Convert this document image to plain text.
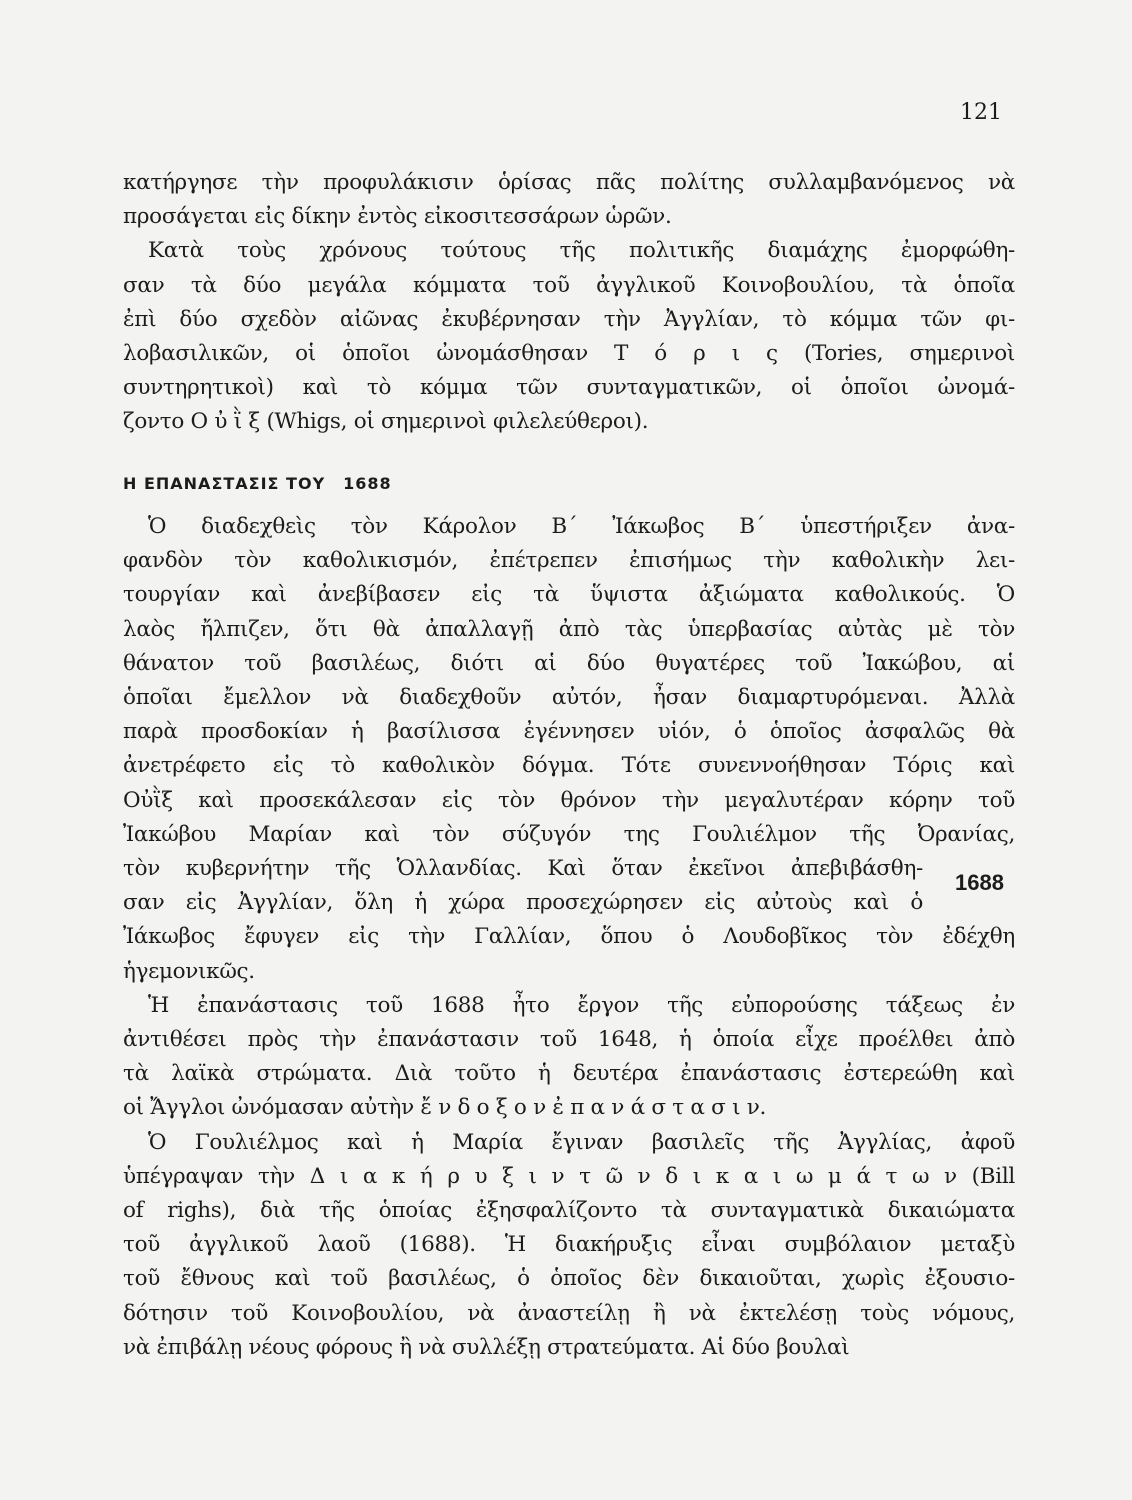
121
Η ΕΠΑΝΑΣΤΑΣΙΣ ΤΟΥ 1688
1688
κατήργησε τὴν προφυλάκισιν ὁρίσας πᾶς πολίτης συλλαμβανόμενος νὰ
προσάγεται εἰς δίκην ἐντὸς εἰκοσιτεσσάρων ὡρῶν.
Κατὰ τοὺς χρόνους τούτους τῆς πολιτικῆς διαμάχης ἐμορφώθη-
σαν τὰ δύο μεγάλα κόμματα τοῦ ἀγγλικοῦ Κοινοβουλίου, τὰ ὁποῖα
ἐπὶ δύο σχεδὸν αἰῶνας ἐκυβέρνησαν τὴν Ἀγγλίαν, τὸ κόμμα τῶν φι-
λοβασιλικῶν, οἱ ὁποῖοι ὠνομάσθησαν Τ ό ρ ι ς (Tories, σημερινοὶ
συντηρητικοὶ) καὶ τὸ κόμμα τῶν συνταγματικῶν, οἱ ὁποῖοι ὠνομά-
ζοντο Ο ὐ ῒ ξ (Whigs, οἱ σημερινοὶ φιλελεύθεροι).
Ὁ διαδεχθεὶς τὸν Κάρολον Β΄ Ἰάκωβος Β΄ ὑπεστήριξεν ἀνα-
φανδὸν τὸν καθολικισμόν, ἐπέτρεπεν ἐπισήμως τὴν καθολικὴν λει-
τουργίαν καὶ ἀνεβίβασεν εἰς τὰ ὕψιστα ἀξιώματα καθολικούς. Ὁ
λαὸς ἤλπιζεν, ὅτι θὰ ἀπαλλαγῇ ἀπὸ τὰς ὑπερβασίας αὐτὰς μὲ τὸν
θάνατον τοῦ βασιλέως, διότι αἱ δύο θυγατέρες τοῦ Ἰακώβου, αἱ
ὁποῖαι ἔμελλον νὰ διαδεχθοῦν αὐτόν, ἦσαν διαμαρτυρόμεναι. Ἀλλὰ
παρὰ προσδοκίαν ἡ βασίλισσα ἐγέννησεν υἱόν, ὁ ὁποῖος ἀσφαλῶς θὰ
ἀνετρέφετο εἰς τὸ καθολικὸν δόγμα. Τότε συνεννοήθησαν Τόρις καὶ
Οὐῒξ καὶ προσεκάλεσαν εἰς τὸν θρόνον τὴν μεγαλυτέραν κόρην τοῦ
Ἰακώβου Μαρίαν καὶ τὸν σύζυγόν της Γουλιέλμον τῆς Ὀρανίας,
τὸν κυβερνήτην τῆς Ὁλλανδίας. Καὶ ὅταν ἐκεῖνοι ἀπεβιβάσθη-
σαν εἰς Ἀγγλίαν, ὅλη ἡ χώρα προσεχώρησεν εἰς αὐτοὺς καὶ ὁ
Ἰάκωβος ἔφυγεν εἰς τὴν Γαλλίαν, ὅπου ὁ Λουδοβῖκος τὸν ἐδέχθη
ἡγεμονικῶς.
Ἡ ἐπανάστασις τοῦ 1688 ἦτο ἔργον τῆς εὐπορούσης τάξεως ἐν
ἀντιθέσει πρὸς τὴν ἐπανάστασιν τοῦ 1648, ἡ ὁποία εἶχε προέλθει ἀπὸ
τὰ λαϊκὰ στρώματα. Διὰ τοῦτο ἡ δευτέρα ἐπανάστασις ἐστερεώθη καὶ
οἱ Ἄγγλοι ὠνόμασαν αὐτὴν ἔ ν δ ο ξ ο ν ἐ π α ν ά σ τ α σ ι ν.
Ὁ Γουλιέλμος καὶ ἡ Μαρία ἔγιναν βασιλεῖς τῆς Ἀγγλίας, ἀφοῦ
ὑπέγραψαν τὴν Δ ι α κ ή ρ υ ξ ι ν τ ῶ ν δ ι κ α ι ω μ ά τ ω ν (Bill
of righs), διὰ τῆς ὁποίας ἐξησφαλίζοντο τὰ συνταγματικὰ δικαιώματα
τοῦ ἀγγλικοῦ λαοῦ (1688). Ἡ διακήρυξις εἶναι συμβόλαιον μεταξὺ
τοῦ ἔθνους καὶ τοῦ βασιλέως, ὁ ὁποῖος δὲν δικαιοῦται, χωρὶς ἐξουσιο-
δότησιν τοῦ Κοινοβουλίου, νὰ ἀναστείλῃ ἢ νὰ ἐκτελέσῃ τοὺς νόμους,
νὰ ἐπιβάλῃ νέους φόρους ἢ νὰ συλλέξῃ στρατεύματα. Αἱ δύο βουλαὶ
